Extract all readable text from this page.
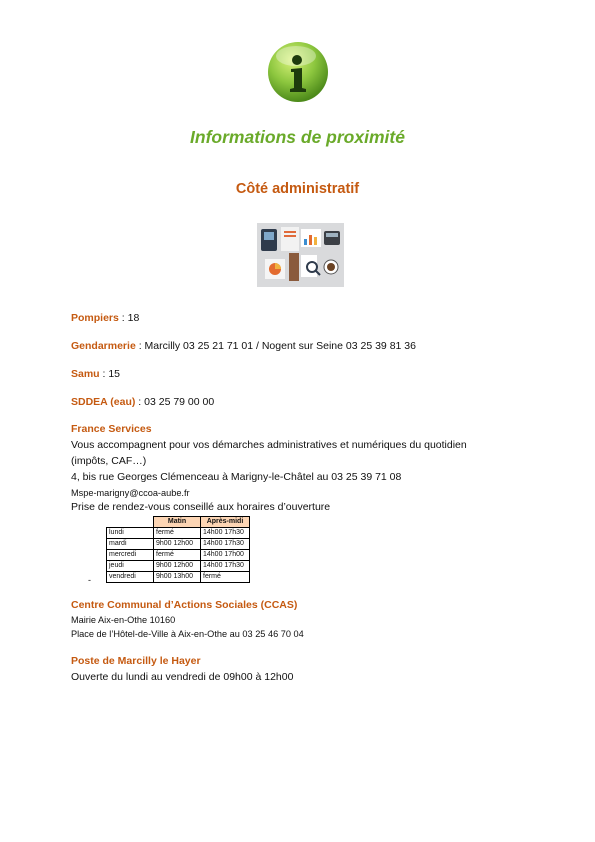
Informations de proximité
Côté administratif
Pompiers : 18
Gendarmerie : Marcilly 03 25 21 71 01 / Nogent sur Seine 03 25 39 81 36
Samu : 15
SDDEA (eau) : 03 25 79 00 00
France Services
Vous accompagnent pour vos démarches administratives et numériques du quotidien
(impôts, CAF…)
4, bis rue Georges Clémenceau à Marigny-le-Châtel au 03 25 39 71 08
Mspe-marigny@ccoa-aube.fr
Prise de rendez-vous conseillé aux horaires d’ouverture
	Matin	Après-midi
lundi	fermé	14h00 17h30
mardi	9h00 12h00	14h00 17h30
mercredi	fermé	14h00 17h00
jeudi	9h00 12h00	14h00 17h30
vendredi	9h00 13h00	fermé
-
Centre Communal d’Actions Sociales (CCAS)
Mairie Aix-en-Othe 10160
Place de l’Hôtel-de-Ville à Aix-en-Othe au 03 25 46 70 04
Poste de Marcilly le Hayer
Ouverte du lundi au vendredi de 09h00 à 12h00
